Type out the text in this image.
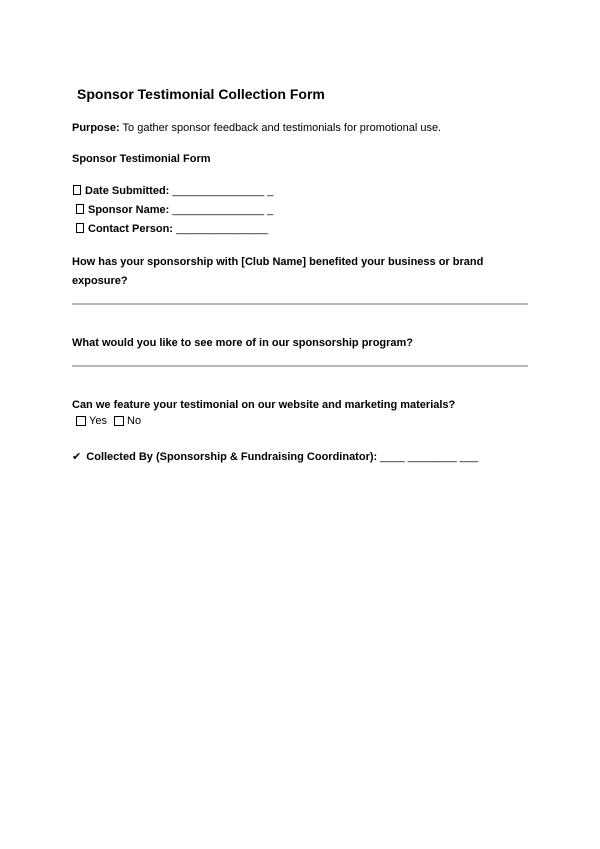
Sponsor Testimonial Collection Form
Purpose: To gather sponsor feedback and testimonials for promotional use.
Sponsor Testimonial Form
Date Submitted: _______________ _
Sponsor Name: _______________ _
Contact Person: _______________
How has your sponsorship with [Club Name] benefited your business or brand exposure?
What would you like to see more of in our sponsorship program?
Can we feature your testimonial on our website and marketing materials?
Yes
No
✔ Collected By (Sponsorship & Fundraising Coordinator): ____ ________ ___
